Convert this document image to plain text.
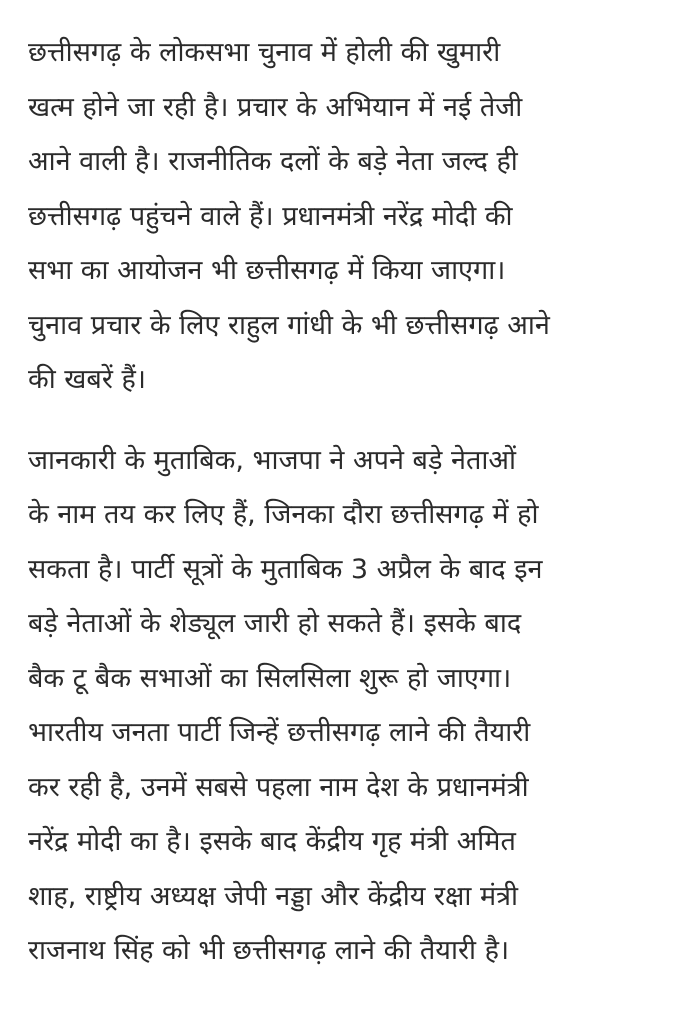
छत्तीसगढ़ के लोकसभा चुनाव में होली की खुमारी
खत्म होने जा रही है। प्रचार के अभियान में नई तेजी
आने वाली है। राजनीतिक दलों के बड़े नेता जल्द ही
छत्तीसगढ़ पहुंचने वाले हैं। प्रधानमंत्री नरेंद्र मोदी की
सभा का आयोजन भी छत्तीसगढ़ में किया जाएगा।
चुनाव प्रचार के लिए राहुल गांधी के भी छत्तीसगढ़ आने
की खबरें हैं।

जानकारी के मुताबिक, भाजपा ने अपने बड़े नेताओं
के नाम तय कर लिए हैं, जिनका दौरा छत्तीसगढ़ में हो
सकता है। पार्टी सूत्रों के मुताबिक 3 अप्रैल के बाद इन
बड़े नेताओं के शेड्यूल जारी हो सकते हैं। इसके बाद
बैक टू बैक सभाओं का सिलसिला शुरू हो जाएगा।
भारतीय जनता पार्टी जिन्हें छत्तीसगढ़ लाने की तैयारी
कर रही है, उनमें सबसे पहला नाम देश के प्रधानमंत्री
नरेंद्र मोदी का है। इसके बाद केंद्रीय गृह मंत्री अमित
शाह, राष्ट्रीय अध्यक्ष जेपी नड्डा और केंद्रीय रक्षा मंत्री
राजनाथ सिंह को भी छत्तीसगढ़ लाने की तैयारी है।
